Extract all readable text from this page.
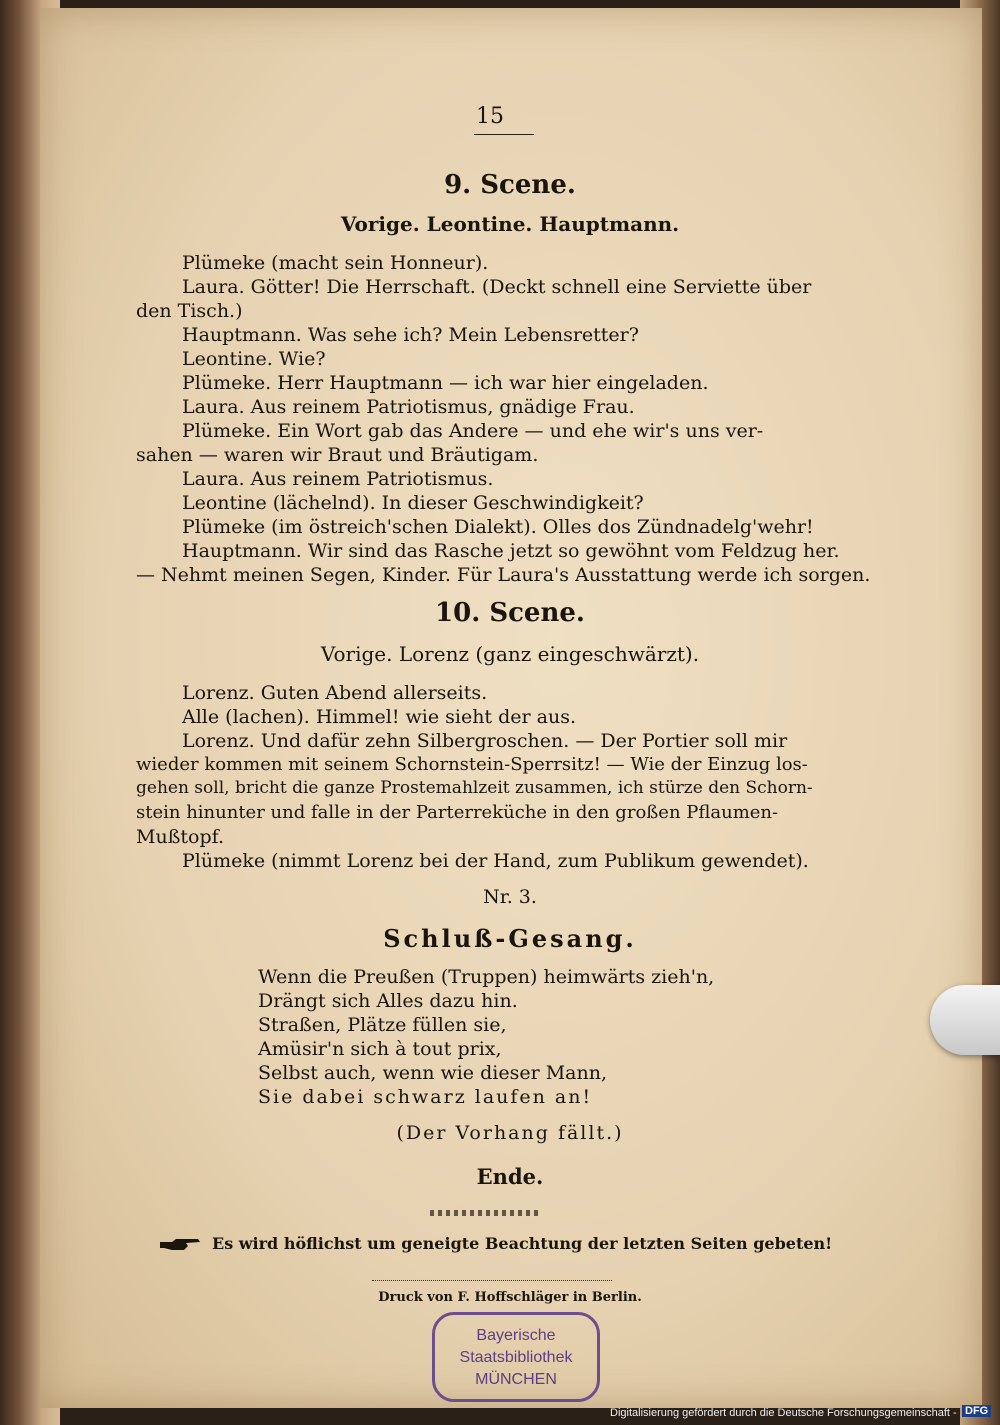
15
9. Scene.
Vorige. Leontine. Hauptmann.
Plümeke (macht sein Honneur).
Laura. Götter! Die Herrschaft. (Deckt schnell eine Serviette über
den Tisch.)
Hauptmann. Was sehe ich? Mein Lebensretter?
Leontine. Wie?
Plümeke. Herr Hauptmann — ich war hier eingeladen.
Laura. Aus reinem Patriotismus, gnädige Frau.
Plümeke. Ein Wort gab das Andere — und ehe wir's uns ver-
sahen — waren wir Braut und Bräutigam.
Laura. Aus reinem Patriotismus.
Leontine (lächelnd). In dieser Geschwindigkeit?
Plümeke (im östreich'schen Dialekt). Olles dos Zündnadelg'wehr!
Hauptmann. Wir sind das Rasche jetzt so gewöhnt vom Feldzug her.
— Nehmt meinen Segen, Kinder. Für Laura's Ausstattung werde ich sorgen.
10. Scene.
Vorige. Lorenz (ganz eingeschwärzt).
Lorenz. Guten Abend allerseits.
Alle (lachen). Himmel! wie sieht der aus.
Lorenz. Und dafür zehn Silbergroschen. — Der Portier soll mir
wieder kommen mit seinem Schornstein-Sperrsitz! — Wie der Einzug los-
gehen soll, bricht die ganze Prostemahlzeit zusammen, ich stürze den Schorn-
stein hinunter und falle in der Parterreküche in den großen Pflaumen-
Mußtopf.
Plümeke (nimmt Lorenz bei der Hand, zum Publikum gewendet).
Nr. 3.
Schluß-Gesang.
Wenn die Preußen (Truppen) heimwärts zieh'n,
Drängt sich Alles dazu hin.
Straßen, Plätze füllen sie,
Amüsir'n sich à tout prix,
Selbst auch, wenn wie dieser Mann,
Sie dabei schwarz laufen an!
(Der Vorhang fällt.)
Ende.
Es wird höflichst um geneigte Beachtung der letzten Seiten gebeten!
Druck von F. Hoffschläger in Berlin.
Bayerische
Staatsbibliothek
MÜNCHEN
Digitalisierung gefördert durch die Deutsche Forschungsgemeinschaft - DFG
